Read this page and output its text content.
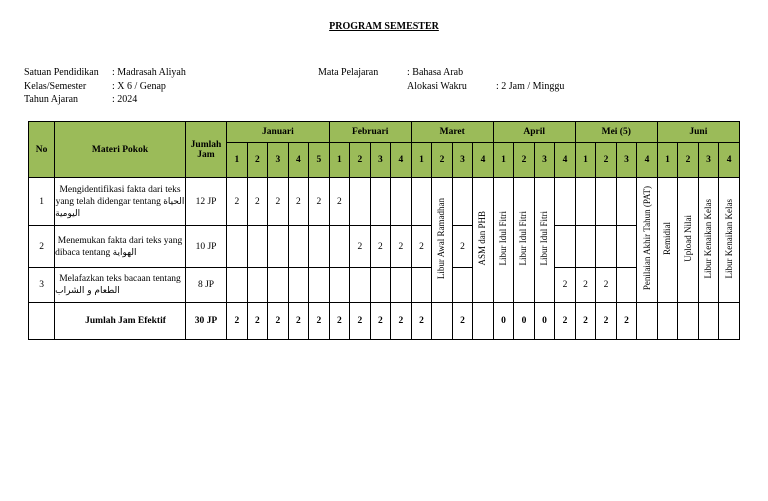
PROGRAM SEMESTER
Satuan Pendidikan : Madrasah Aliyah
Kelas/Semester	: X 6 / Genap
Tahun Ajaran	: 2024
Mata Pelajaran	: Bahasa Arab
Alokasi Wakru	: 2 Jam / Minggu
No	Materi Pokok	Jumlah Jam	Januari					Februari				Maret				April				Mei (5)				Juni			
			1	2	3	4	5	1	2	3	4	1	2	3	4	1	2	3	4	1	2	3	4	1	2	3	4
1	Mengidentifikasi fakta dari teks yang telah didengar tentang الحياة اليومية	12 JP	2	2	2	2	2	2					Libur Awal Ramadhan		ASM dan PHB	Libur Idul Fitri	Libur Idul Fitri	Libur Idul Fitri					Penilaian Akhir Tahun (PAT)	Remidial	Upload Nilai	Libur Kenaikan Kelas	Libur Kenaikan Kelas
2	Menemukan fakta dari teks yang dibaca tentang الهواية	10 JP							2	2	2	2		2													
3	Melafazkan teks bacaan tentang الطعام و الشراب	8 JP																	2	2	2						
	Jumlah Jam Efektif	30 JP	2	2	2	2	2	2	2	2	2	2		2		0	0	0	2	2	2	2					
